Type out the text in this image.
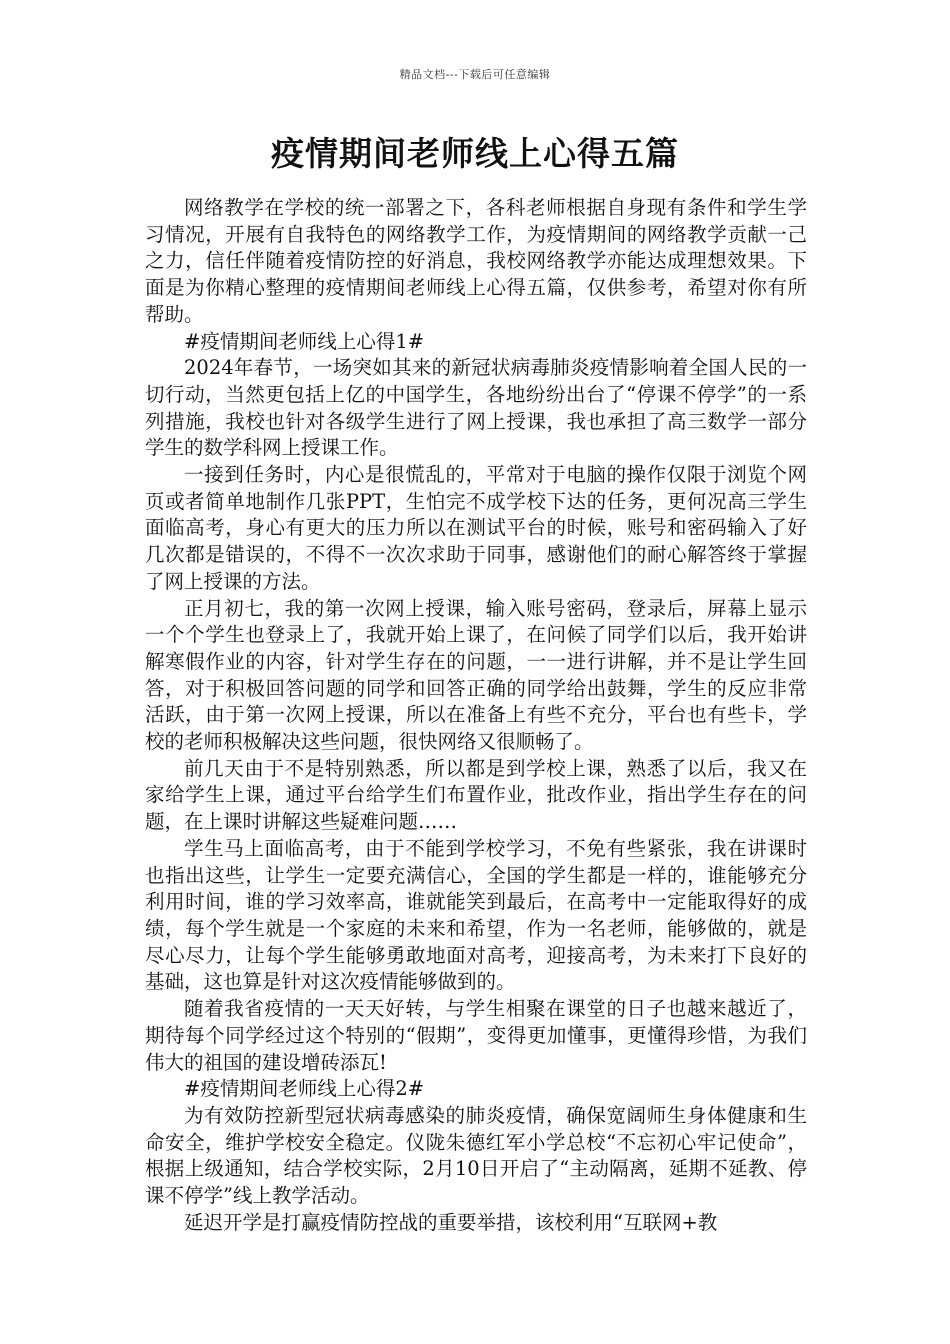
精品文档---下载后可任意编辑
疫情期间老师线上心得五篇

网络教学在学校的统一部署之下，各科老师根据自身现有条件和学生学习情况，开展有自我特色的网络教学工作，为疫情期间的网络教学贡献一己之力，信任伴随着疫情防控的好消息，我校网络教学亦能达成理想效果。下面是为你精心整理的疫情期间老师线上心得五篇，仅供参考，希望对你有所帮助。

#疫情期间老师线上心得1#

2024年春节，一场突如其来的新冠状病毒肺炎疫情影响着全国人民的一切行动，当然更包括上亿的中国学生，各地纷纷出台了“停课不停学”的一系列措施，我校也针对各级学生进行了网上授课，我也承担了高三数学一部分学生的数学科网上授课工作。

一接到任务时，内心是很慌乱的，平常对于电脑的操作仅限于浏览个网页或者简单地制作几张PPT，生怕完不成学校下达的任务，更何况高三学生面临高考，身心有更大的压力所以在测试平台的时候，账号和密码输入了好几次都是错误的，不得不一次次求助于同事，感谢他们的耐心解答终于掌握了网上授课的方法。

正月初七，我的第一次网上授课，输入账号密码，登录后，屏幕上显示一个个学生也登录上了，我就开始上课了，在问候了同学们以后，我开始讲解寒假作业的内容，针对学生存在的问题，一一进行讲解，并不是让学生回答，对于积极回答问题的同学和回答正确的同学给出鼓舞，学生的反应非常活跃，由于第一次网上授课，所以在准备上有些不充分，平台也有些卡，学校的老师积极解决这些问题，很快网络又很顺畅了。

前几天由于不是特别熟悉，所以都是到学校上课，熟悉了以后，我又在家给学生上课，通过平台给学生们布置作业，批改作业，指出学生存在的问题，在上课时讲解这些疑难问题……

学生马上面临高考，由于不能到学校学习，不免有些紧张，我在讲课时也指出这些，让学生一定要充满信心，全国的学生都是一样的，谁能够充分利用时间，谁的学习效率高，谁就能笑到最后，在高考中一定能取得好的成绩，每个学生就是一个家庭的未来和希望，作为一名老师，能够做的，就是尽心尽力，让每个学生能够勇敢地面对高考，迎接高考，为未来打下良好的基础，这也算是针对这次疫情能够做到的。

随着我省疫情的一天天好转，与学生相聚在课堂的日子也越来越近了，期待每个同学经过这个特别的“假期”，变得更加懂事，更懂得珍惜，为我们伟大的祖国的建设增砖添瓦!

#疫情期间老师线上心得2#

为有效防控新型冠状病毒感染的肺炎疫情，确保宽阔师生身体健康和生命安全，维护学校安全稳定。仪陇朱德红军小学总校“不忘初心牢记使命”，根据上级通知，结合学校实际，2月10日开启了“主动隔离，延期不延教、停课不停学”线上教学活动。

延迟开学是打赢疫情防控战的重要举措，该校利用“互联网+教
